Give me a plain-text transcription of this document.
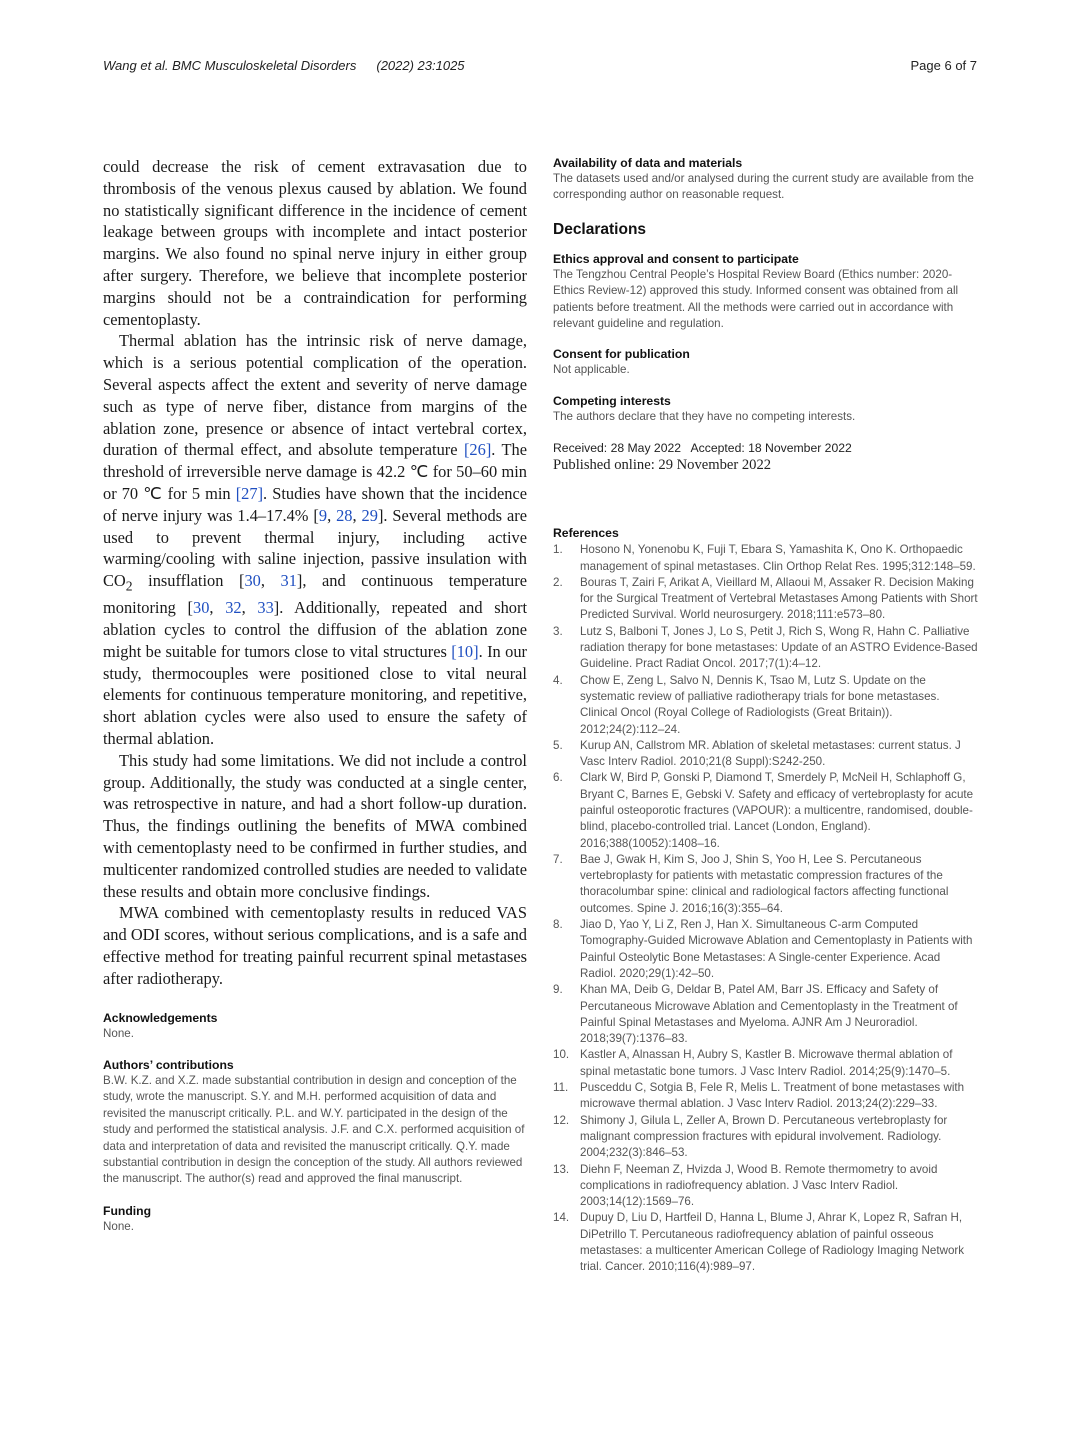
Wang et al. BMC Musculoskeletal Disorders (2022) 23:1025	Page 6 of 7

could decrease the risk of cement extravasation due to thrombosis of the venous plexus caused by ablation. We found no statistically significant difference in the incidence of cement leakage between groups with incomplete and intact posterior margins. We also found no spinal nerve injury in either group after surgery. Therefore, we believe that incomplete posterior margins should not be a contraindication for performing cementoplasty.

Thermal ablation has the intrinsic risk of nerve damage, which is a serious potential complication of the operation. Several aspects affect the extent and severity of nerve damage such as type of nerve fiber, distance from margins of the ablation zone, presence or absence of intact vertebral cortex, duration of thermal effect, and absolute temperature [26]. The threshold of irreversible nerve damage is 42.2 ℃ for 50–60 min or 70 ℃ for 5 min [27]. Studies have shown that the incidence of nerve injury was 1.4–17.4% [9, 28, 29]. Several methods are used to prevent thermal injury, including active warming/cooling with saline injection, passive insulation with $CO_2$ insufflation [30, 31], and continuous temperature monitoring [30, 32, 33]. Additionally, repeated and short ablation cycles to control the diffusion of the ablation zone might be suitable for tumors close to vital structures [10]. In our study, thermocouples were positioned close to vital neural elements for continuous temperature monitoring, and repetitive, short ablation cycles were also used to ensure the safety of thermal ablation.

This study had some limitations. We did not include a control group. Additionally, the study was conducted at a single center, was retrospective in nature, and had a short follow-up duration. Thus, the findings outlining the benefits of MWA combined with cementoplasty need to be confirmed in further studies, and multicenter randomized controlled studies are needed to validate these results and obtain more conclusive findings.

MWA combined with cementoplasty results in reduced VAS and ODI scores, without serious complications, and is a safe and effective method for treating painful recurrent spinal metastases after radiotherapy.

Acknowledgements

None.

Authors’ contributions

B.W. K.Z. and X.Z. made substantial contribution in design and conception of the study, wrote the manuscript. S.Y. and M.H. performed acquisition of data and revisited the manuscript critically. P.L. and W.Y. participated in the design of the study and performed the statistical analysis. J.F. and C.X. performed acquisition of data and interpretation of data and revisited the manuscript critically. Q.Y. made substantial contribution in design the conception of the study. All authors reviewed the manuscript. The author(s) read and approved the final manuscript.

Funding

None.

Availability of data and materials

The datasets used and/or analysed during the current study are available from the corresponding author on reasonable request.

Declarations

Ethics approval and consent to participate

The Tengzhou Central People’s Hospital Review Board (Ethics number: 2020-Ethics Review-12) approved this study. Informed consent was obtained from all patients before treatment. All the methods were carried out in accordance with relevant guideline and regulation.

Consent for publication

Not applicable.

Competing interests

The authors declare that they have no competing interests.

Received: 28 May 2022   Accepted: 18 November 2022

Published online: 29 November 2022

References

1.	Hosono N, Yonenobu K, Fuji T, Ebara S, Yamashita K, Ono K. Orthopaedic management of spinal metastases. Clin Orthop Relat Res. 1995;312:148–59.
2.	Bouras T, Zairi F, Arikat A, Vieillard M, Allaoui M, Assaker R. Decision Making for the Surgical Treatment of Vertebral Metastases Among Patients with Short Predicted Survival. World neurosurgery. 2018;111:e573–80.
3.	Lutz S, Balboni T, Jones J, Lo S, Petit J, Rich S, Wong R, Hahn C. Palliative radiation therapy for bone metastases: Update of an ASTRO Evidence-Based Guideline. Pract Radiat Oncol. 2017;7(1):4–12.
4.	Chow E, Zeng L, Salvo N, Dennis K, Tsao M, Lutz S. Update on the systematic review of palliative radiotherapy trials for bone metastases. Clinical Oncol (Royal College of Radiologists (Great Britain)). 2012;24(2):112–24.
5.	Kurup AN, Callstrom MR. Ablation of skeletal metastases: current status. J Vasc Interv Radiol. 2010;21(8 Suppl):S242-250.
6.	Clark W, Bird P, Gonski P, Diamond T, Smerdely P, McNeil H, Schlaphoff G, Bryant C, Barnes E, Gebski V. Safety and efficacy of vertebroplasty for acute painful osteoporotic fractures (VAPOUR): a multicentre, randomised, double-blind, placebo-controlled trial. Lancet (London, England). 2016;388(10052):1408–16.
7.	Bae J, Gwak H, Kim S, Joo J, Shin S, Yoo H, Lee S. Percutaneous vertebroplasty for patients with metastatic compression fractures of the thoracolumbar spine: clinical and radiological factors affecting functional outcomes. Spine J. 2016;16(3):355–64.
8.	Jiao D, Yao Y, Li Z, Ren J, Han X. Simultaneous C-arm Computed Tomography-Guided Microwave Ablation and Cementoplasty in Patients with Painful Osteolytic Bone Metastases: A Single-center Experience. Acad Radiol. 2020;29(1):42–50.
9.	Khan MA, Deib G, Deldar B, Patel AM, Barr JS. Efficacy and Safety of Percutaneous Microwave Ablation and Cementoplasty in the Treatment of Painful Spinal Metastases and Myeloma. AJNR Am J Neuroradiol. 2018;39(7):1376–83.
10. Kastler A, Alnassan H, Aubry S, Kastler B. Microwave thermal ablation of spinal metastatic bone tumors. J Vasc Interv Radiol. 2014;25(9):1470–5.
11.	Pusceddu C, Sotgia B, Fele R, Melis L. Treatment of bone metastases with microwave thermal ablation. J Vasc Interv Radiol. 2013;24(2):229–33.
12. Shimony J, Gilula L, Zeller A, Brown D. Percutaneous vertebroplasty for malignant compression fractures with epidural involvement. Radiology. 2004;232(3):846–53.
13. Diehn F, Neeman Z, Hvizda J, Wood B. Remote thermometry to avoid complications in radiofrequency ablation. J Vasc Interv Radiol. 2003;14(12):1569–76.
14. Dupuy D, Liu D, Hartfeil D, Hanna L, Blume J, Ahrar K, Lopez R, Safran H, DiPetrillo T. Percutaneous radiofrequency ablation of painful osseous metastases: a multicenter American College of Radiology Imaging Network trial. Cancer. 2010;116(4):989–97.
